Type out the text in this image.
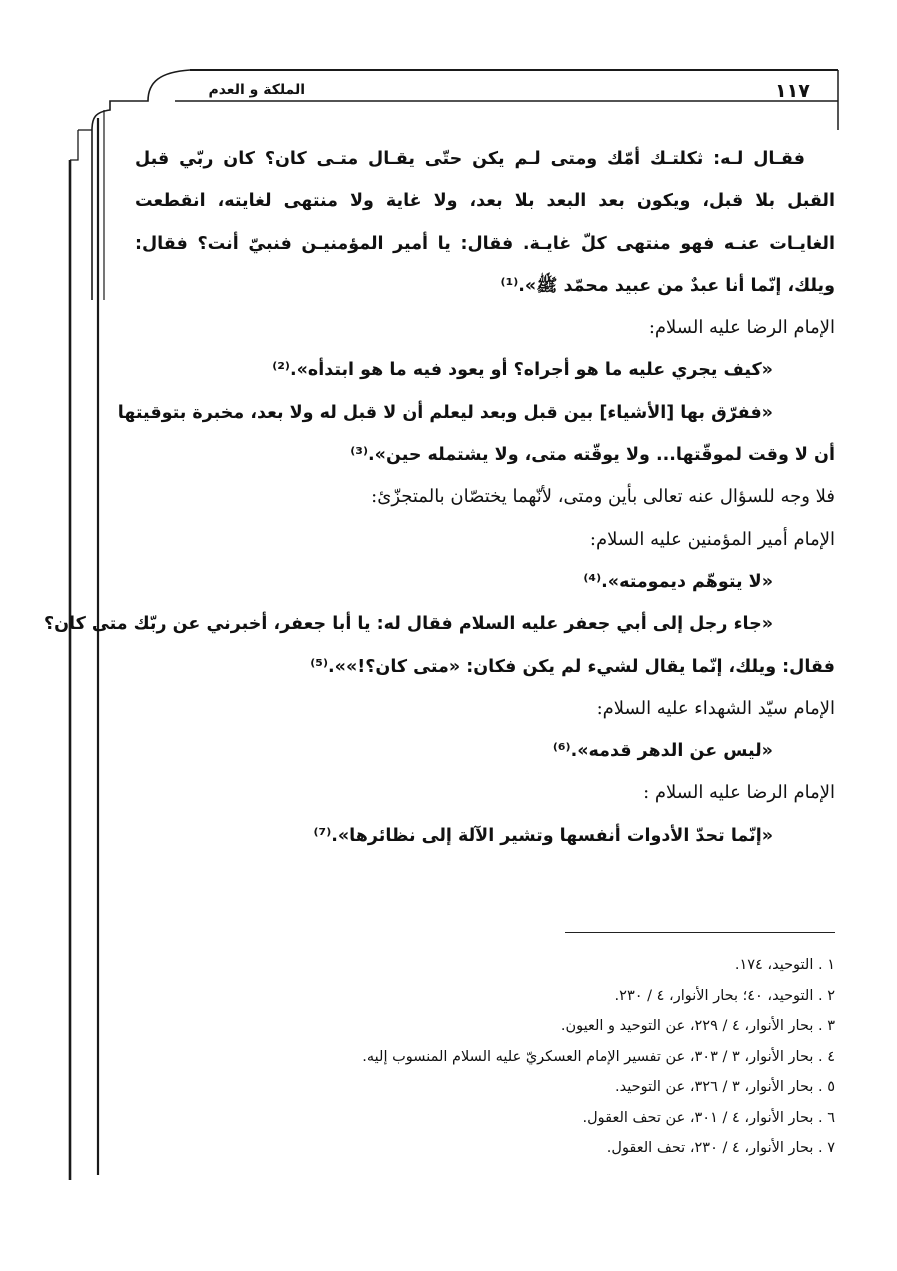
١١٧
الملكة و العدم
فقـال لـه: ثكلتـك أمّك ومتى لـم يكن حتّى يقـال متـى كان؟ كان ربّي قبل
القبل بلا قبل، ويكون بعد البعد بلا بعد، ولا غاية ولا منتهى لغايته، انقطعت
الغايـات عنـه فهو منتهى كلّ غايـة. فقال: يا أمير المؤمنيـن فنبيّ أنت؟ فقال:
ويلك، إنّما أنا عبدٌ من عبيد محمّد ﷺ».⁽¹⁾
الإمام الرضا عليه السلام:
«كيف يجري عليه ما هو أجراه؟ أو يعود فيه ما هو ابتدأه».⁽²⁾
«ففرّق بها [الأشياء] بين قبل وبعد ليعلم أن لا قبل له ولا بعد، مخبرة بتوقيتها
أن لا وقت لموقّتها... ولا يوقّته متى، ولا يشتمله حين».⁽³⁾
فلا وجه للسؤال عنه تعالى بأين ومتى، لأنّهما يختصّان بالمتجزّئ:
الإمام أمير المؤمنين عليه السلام:
«لا يتوهّم ديمومته».⁽⁴⁾
«جاء رجل إلى أبي جعفر عليه السلام فقال له: يا أبا جعفر، أخبرني عن ربّك متى كان؟
فقال: ويلك، إنّما يقال لشيء لم يكن فكان: «متى كان؟!»».⁽⁵⁾
الإمام سيّد الشهداء عليه السلام:
«ليس عن الدهر قدمه».⁽⁶⁾
الإمام الرضا عليه السلام :
«إنّما تحدّ الأدوات أنفسها وتشير الآلة إلى نظائرها».⁽⁷⁾
١ . التوحيد، ١٧٤.
٢ . التوحيد، ٤٠؛ بحار الأنوار، ٤ / ٢٣٠.
٣ . بحار الأنوار، ٤ / ٢٢٩، عن التوحيد و العيون.
٤ . بحار الأنوار، ٣ / ٣٠٣، عن تفسير الإمام العسكريّ عليه السلام المنسوب إليه.
٥ . بحار الأنوار، ٣ / ٣٢٦، عن التوحيد.
٦ . بحار الأنوار، ٤ / ٣٠١، عن تحف العقول.
٧ . بحار الأنوار، ٤ / ٢٣٠، تحف العقول.
